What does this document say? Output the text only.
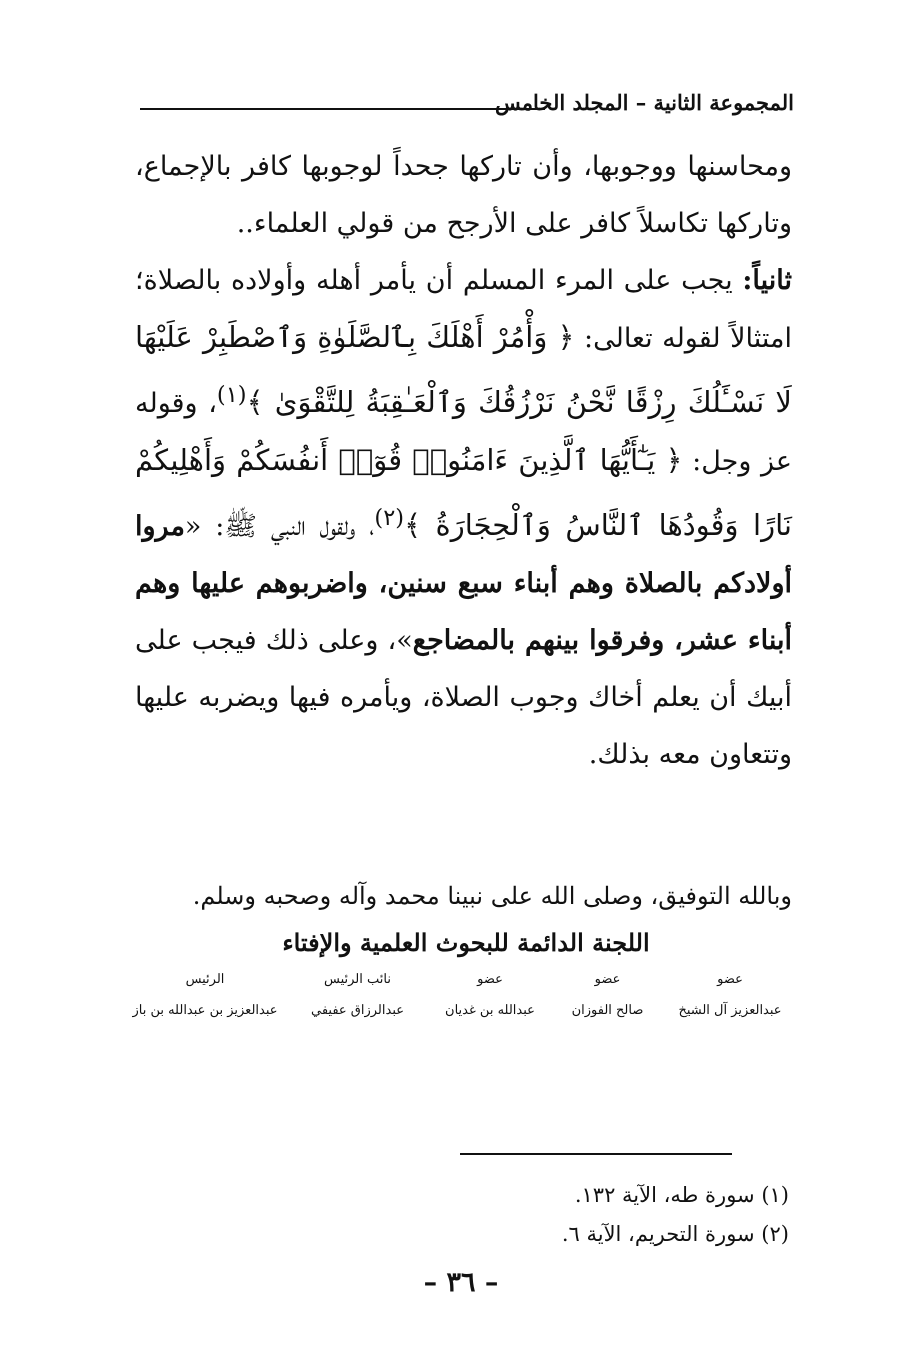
المجموعة الثانية – المجلد الخامس

ومحاسنها ووجوبها، وأن تاركها جحداً لوجوبها كافر بالإجماع، وتاركها تكاسلاً كافر على الأرجح من قولي العلماء..

ثانياً: يجب على المرء المسلم أن يأمر أهله وأولاده بالصلاة؛ امتثالاً لقوله تعالى: ﴿ وَأْمُرْ أَهْلَكَ بِٱلصَّلَوٰةِ وَٱصْطَبِرْ عَلَيْهَا لَا نَسْـَٔلُكَ رِزْقًا نَّحْنُ نَرْزُقُكَ وَٱلْعَـٰقِبَةُ لِلتَّقْوَىٰ ﴾$^{(١)}$، وقوله عز وجل: ﴿ يَـٰٓأَيُّهَا ٱلَّذِينَ ءَامَنُوا۟ قُوٓا۟ أَنفُسَكُمْ وَأَهْلِيكُمْ نَارًا وَقُودُهَا ٱلنَّاسُ وَٱلْحِجَارَةُ ﴾$^{(٢)}$، ولقول النبي ﷺ: «مروا أولادكم بالصلاة وهم أبناء سبع سنين، واضربوهم عليها وهم أبناء عشر، وفرقوا بينهم بالمضاجع»، وعلى ذلك فيجب على أبيك أن يعلم أخاك وجوب الصلاة، ويأمره فيها ويضربه عليها وتتعاون معه بذلك.

وبالله التوفيق، وصلى الله على نبينا محمد وآله وصحبه وسلم.
اللجنة الدائمة للبحوث العلمية والإفتاء
عضو
عضو
عضو
نائب الرئيس
الرئيس
عبدالعزيز آل الشيخ
صالح الفوزان
عبدالله بن غديان
عبدالرزاق عفيفي
عبدالعزيز بن عبدالله بن باز
(١) سورة طه، الآية ١٣٢.
(٢) سورة التحريم، الآية ٦.
– ٣٦ –
